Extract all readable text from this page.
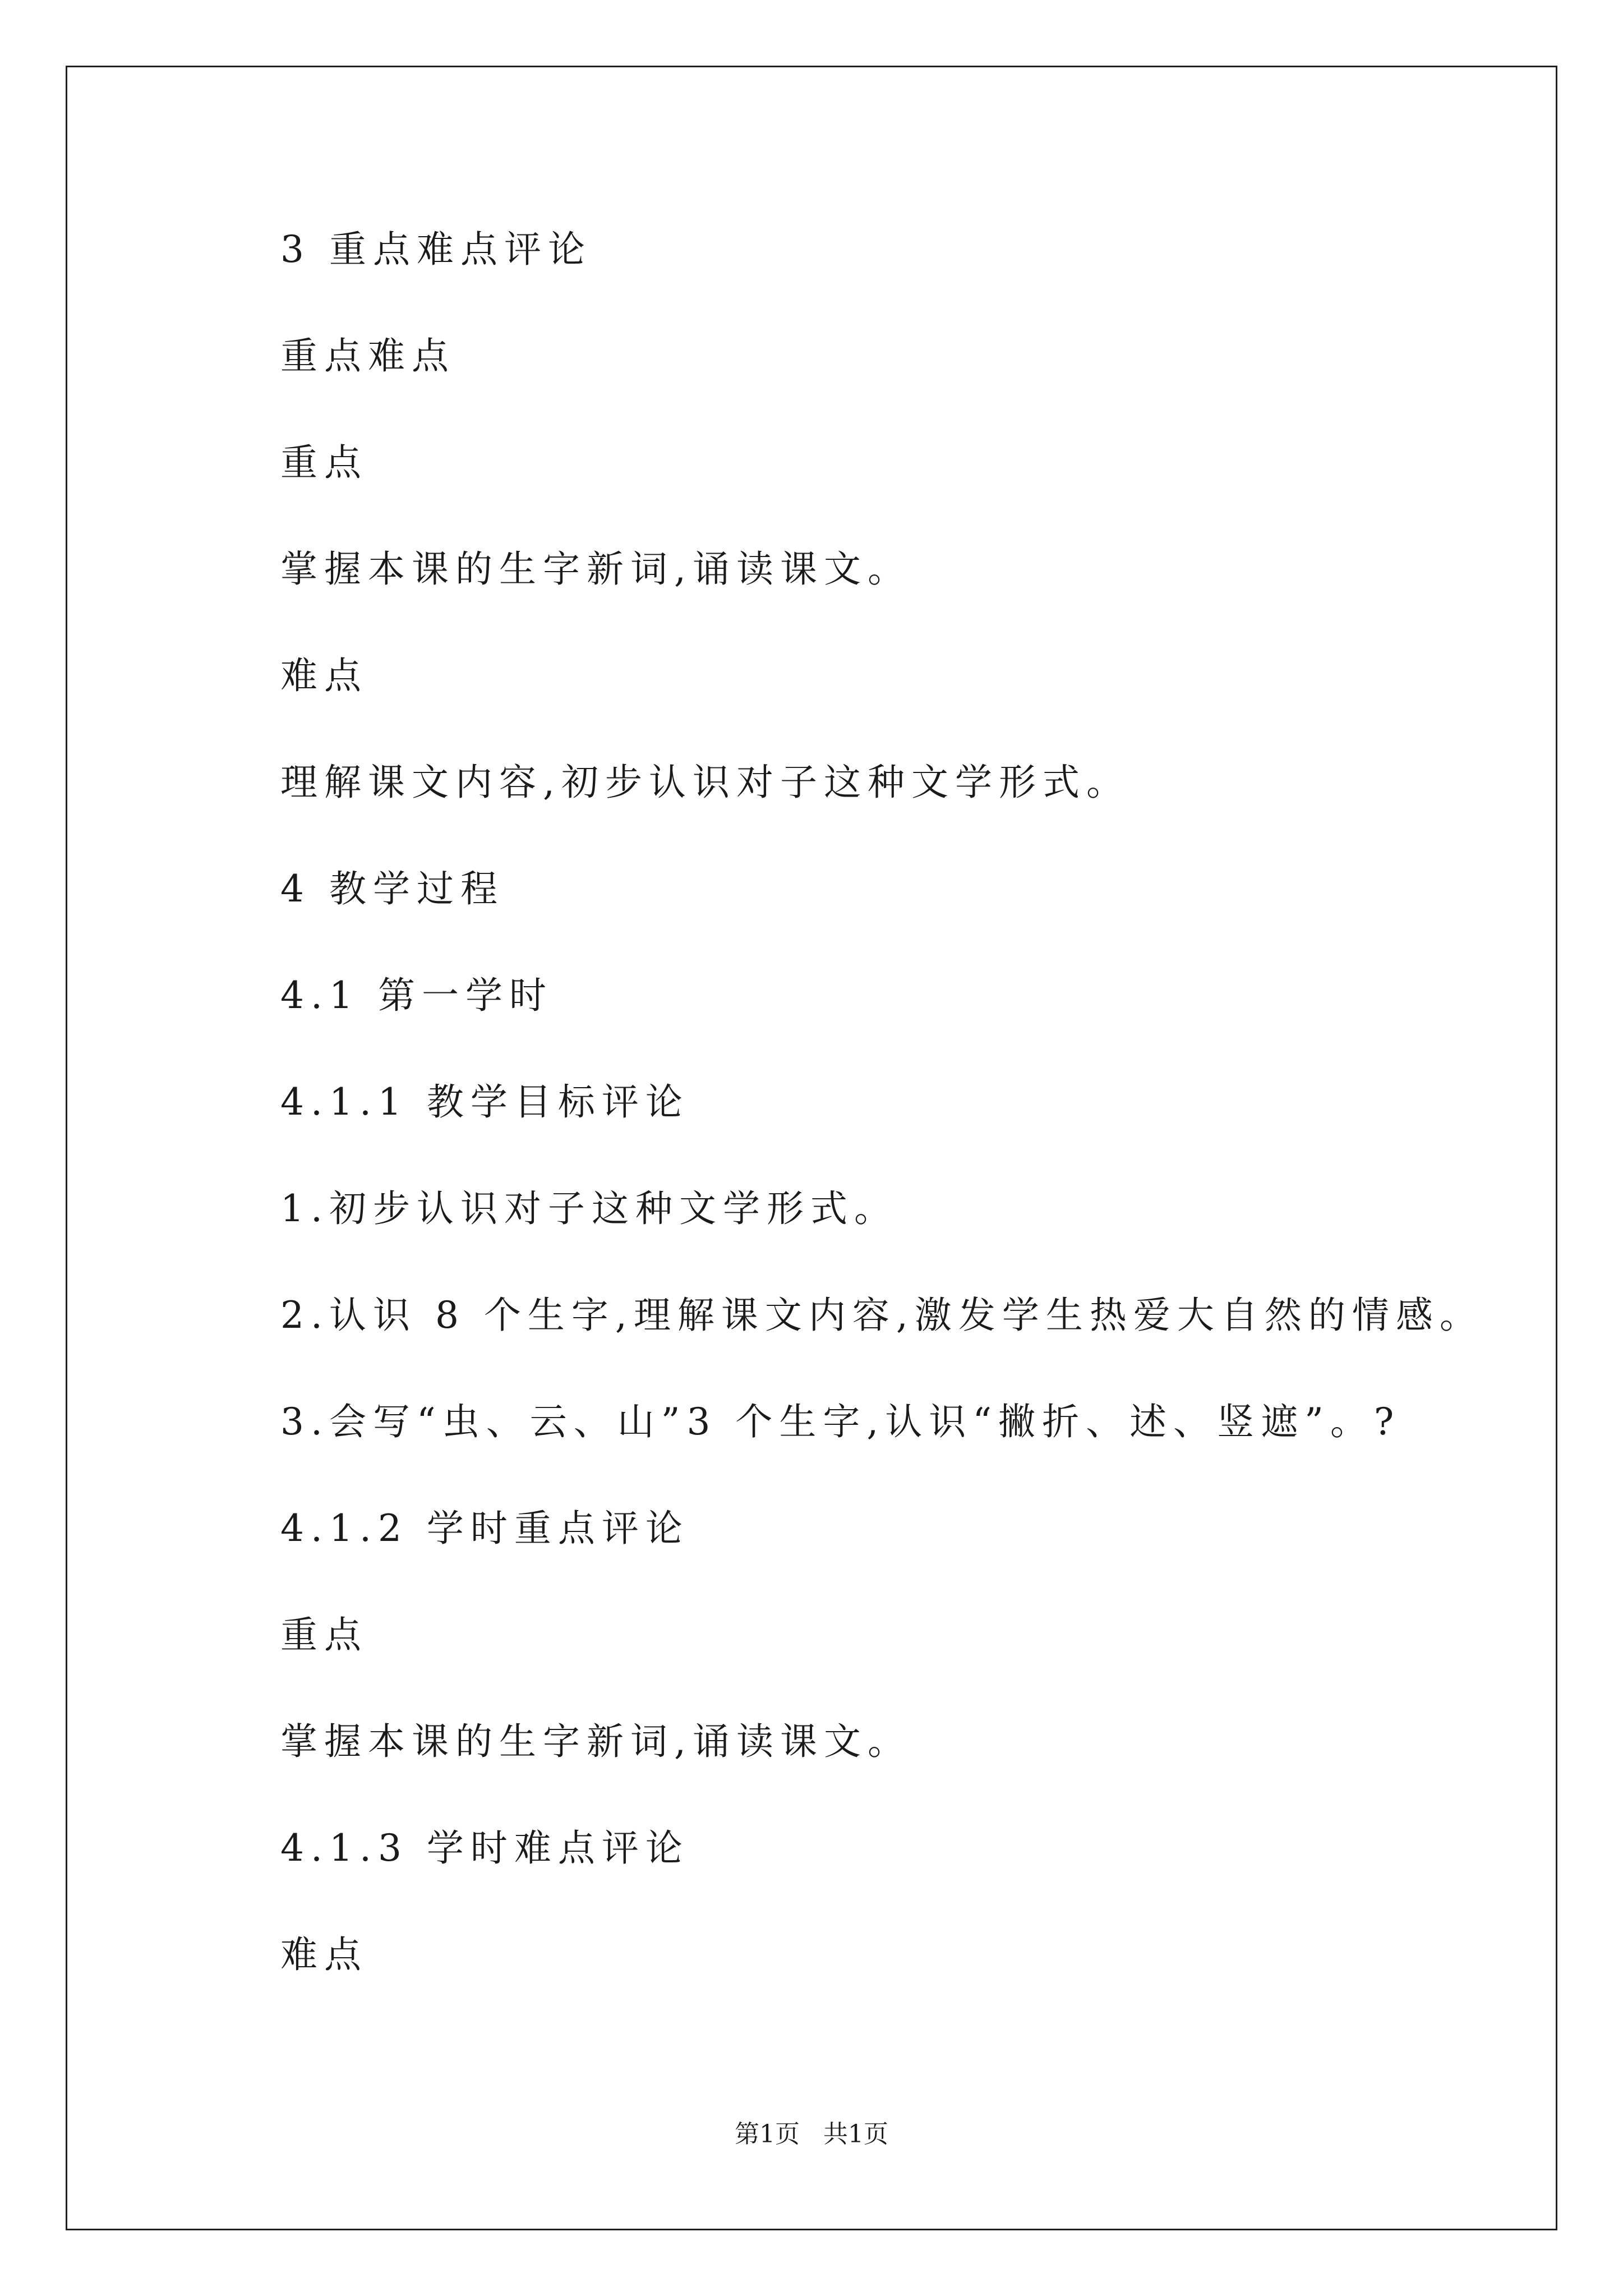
3 重点难点评论
重点难点
重点
掌握本课的生字新词,诵读课文。
难点
理解课文内容,初步认识对子这种文学形式。
4 教学过程
4.1 第一学时
4.1.1 教学目标评论
1.初步认识对子这种文学形式。
2.认识 8 个生字,理解课文内容,激发学生热爱大自然的情感。
3.会写“虫、云、山”3 个生字,认识“撇折、述、竖遮”。?
4.1.2 学时重点评论
重点
掌握本课的生字新词,诵读课文。
4.1.3 学时难点评论
难点
第1页   共1页
